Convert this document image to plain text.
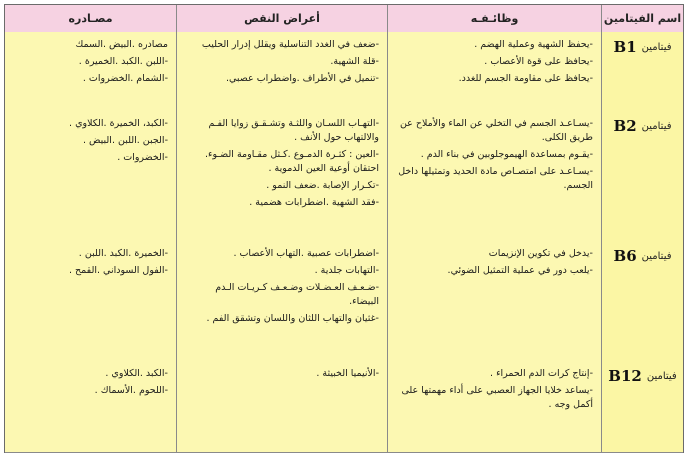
اسم الفيتامين
وظائـفـه
أعراض النقص
مصـادره
فيتامين
B1
-يحفظ الشهية وعملية الهضم .
-يحافظ على قوة الأعصاب .
-يحافظ على مقاومة الجسم للغدد.
-ضعف في الغدد التناسلية ويقلل إدرار الحليب
-قلة الشهية.
-تنميل في الأطراف .واضطراب عصبي.
مصادره .البيض .السمك
-اللبن .الكبد .الخميرة .
-الشمام .الخضروات .
فيتامين
B2
-يسـاعـد الجسم في التخلي عن الماء والأملاح عن طريق الكلى.
-يقـوم بمساعدة الهيموجلوبين في بناء الدم .
-يسـاعـد على امتصـاص مادة الحديد وتمثيلها داخل الجسم.
-التهـاب اللسـان واللثـة وتشـقـق زوايا الفـم والالتهاب حول الأنف .
-العين : كثـرة الدمـوع .كـثل مقـاومة الضـوء. احتقان أوعية العين الدموية .
-تكـرار الإصابة .ضعف النمو .
-فقد الشهية .اضطرابات هضمية .
-الكبد، الخميرة .الكلاوي .
-الجبن .اللبن .البيض .
-الخضروات .
فيتامين
B6
-يدخل في تكوين الإنزيمات
-يلعب دور في عملية التمثيل الضوئي.
-اضطرابات عصبية .التهاب الأعصاب .
-التهابات جلدية .
-ضـعـف العـضـلات وضـعـف كـريـات الـدم البيضاء.
-غثيان والتهاب اللثان واللسان وتشقق الفم .
-الخميرة .الكبد .اللبن .
-الفول السوداني .القمح .
فيتامين
B12
-إنتاج كرات الدم الحمراء .
-يساعد خلايا الجهاز العصبي على أداء مهمتها على أكمل وجه .
-الأنيميا الخبيثة .
-الكبد .الكلاوي .
-اللحوم .الأسماك .
